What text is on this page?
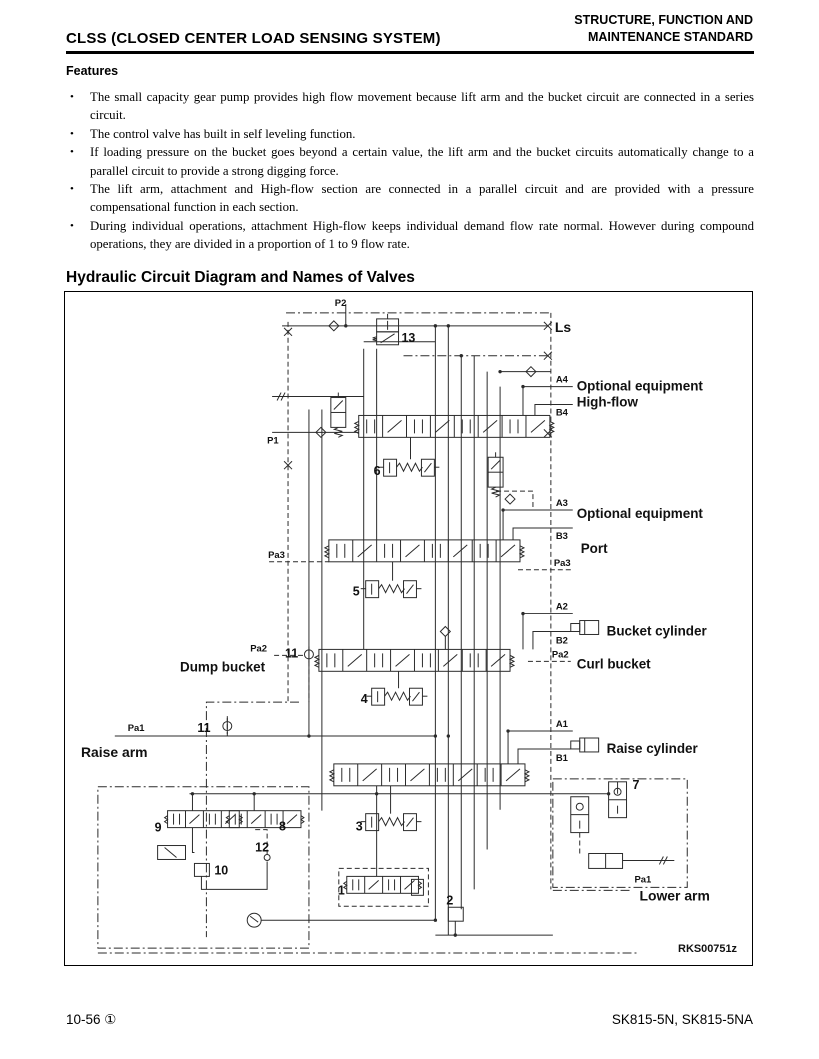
CLSS (CLOSED CENTER LOAD SENSING SYSTEM)
STRUCTURE, FUNCTION AND
MAINTENANCE STANDARD
Features
• The small capacity gear pump provides high flow movement because lift arm and the bucket circuit are connected in a series circuit.
• The control valve has built in self leveling function.
• If loading pressure on the bucket goes beyond a certain value, the lift arm and the bucket circuits automatically change to a parallel circuit to provide a strong digging force.
• The lift arm, attachment and High-flow section are connected in a parallel circuit and are provided with a pressure compensational function in each section.
• During individual operations, attachment High-flow keeps individual demand flow rate normal. However during compound operations, they are divided in a proportion of 1 to 9 flow rate.
Hydraulic Circuit Diagram and Names of Valves
P2
13
Ls
A4
B4
Optional equipment
High-flow
P1
6
A3
B3
Optional equipment
Port
Pa3
Pa3
5
A2
B2
Bucket cylinder
Pa2
Curl bucket
Pa2 11
Dump bucket
4
11
Pa1
Raise arm
A1
B1
Raise cylinder
7
9	8
12
10
3
1
2
Pa1
Lower arm
RKS00751z
10-56 ①	SK815-5N, SK815-5NA
